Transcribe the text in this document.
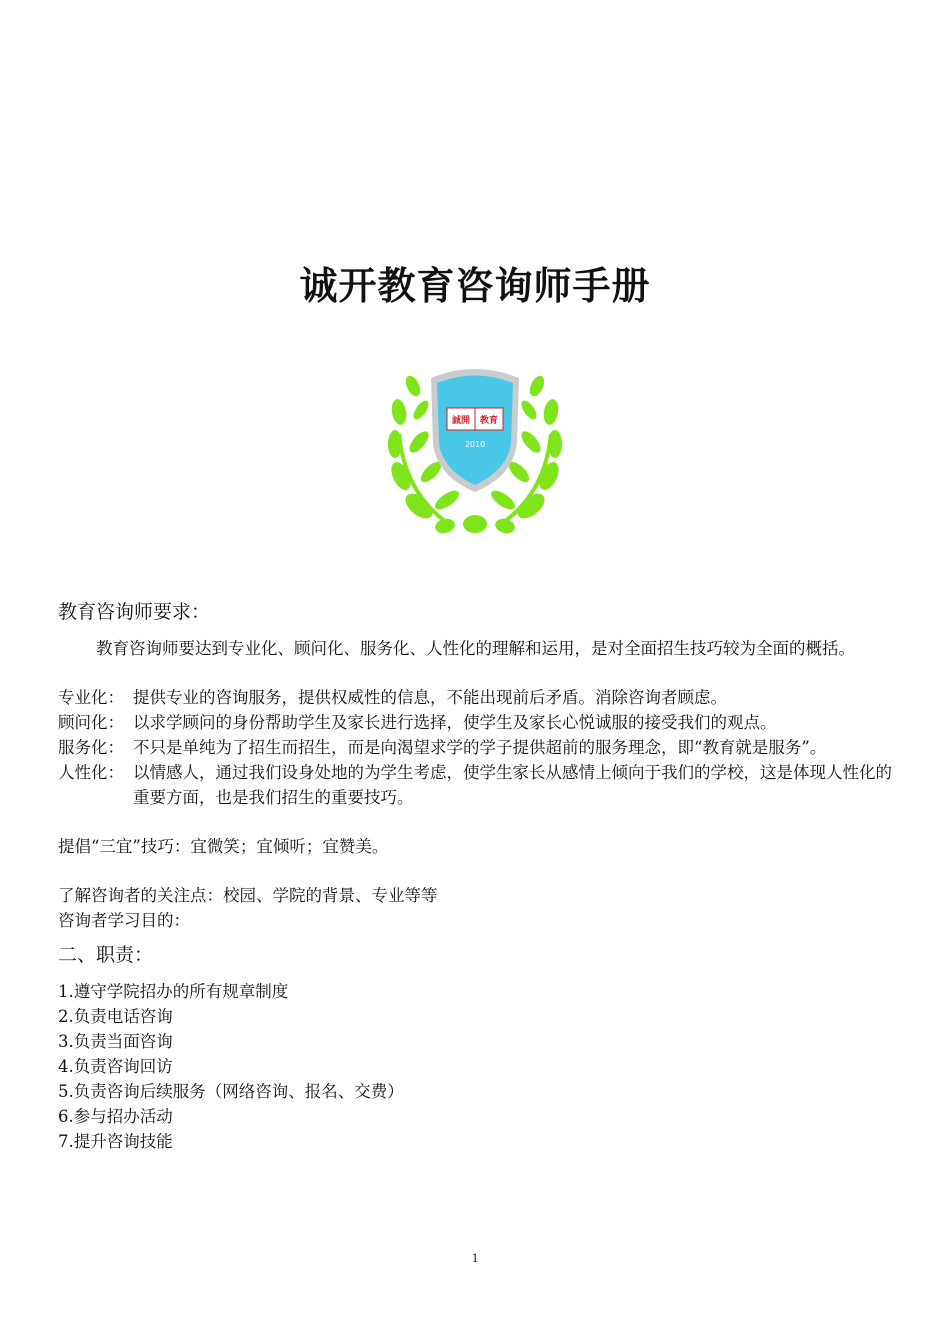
诚开教育咨询师手册
誠開 教育
2010
教育咨询师要求：

教育咨询师要达到专业化、顾问化、服务化、人性化的理解和运用，是对全面招生技巧较为全面的概括。

专业化： 提供专业的咨询服务，提供权威性的信息，不能出现前后矛盾。消除咨询者顾虑。
顾问化： 以求学顾问的身份帮助学生及家长进行选择，使学生及家长心悦诚服的接受我们的观点。
服务化： 不只是单纯为了招生而招生，而是向渴望求学的学子提供超前的服务理念，即“教育就是服务”。
人性化： 以情感人，通过我们设身处地的为学生考虑，使学生家长从感情上倾向于我们的学校，这是体现人性化的重要方面，也是我们招生的重要技巧。

提倡“三宜”技巧：宜微笑；宜倾听；宜赞美。

了解咨询者的关注点：校园、学院的背景、专业等等

咨询者学习目的：

二、职责：

1.遵守学院招办的所有规章制度

2.负责电话咨询

3.负责当面咨询

4.负责咨询回访

5.负责咨询后续服务（网络咨询、报名、交费）

6.参与招办活动

7.提升咨询技能

1
